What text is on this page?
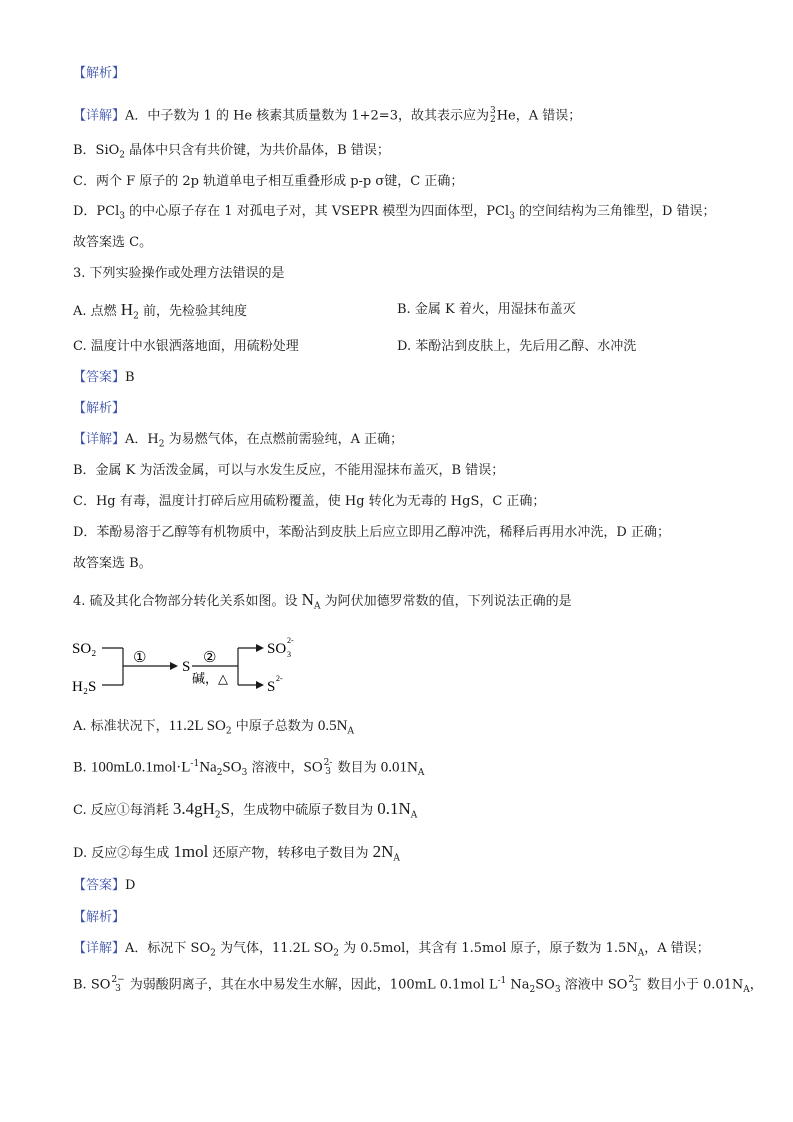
【解析】
【详解】A．中子数为 1 的 He 核素其质量数为 1+2=3，故其表示应为 3
2 He，A 错误；
B．SiO$_2$ 晶体中只含有共价键，为共价晶体，B 错误；
C．两个 F 原子的 2p 轨道单电子相互重叠形成 p-p σ键，C 正确；
D．PCl$_3$ 的中心原子存在 1 对孤电子对，其 VSEPR 模型为四面体型，PCl$_3$ 的空间结构为三角锥型，D 错误；
故答案选 C。
3. 下列实验操作或处理方法错误的是
A. 点燃 $H_2$ 前，先检验其纯度	B. 金属 K 着火，用湿抹布盖灭
C. 温度计中水银洒落地面，用硫粉处理	D. 苯酚沾到皮肤上，先后用乙醇、水冲洗
【答案】B
【解析】
【详解】A．$H_2$ 为易燃气体，在点燃前需验纯，A 正确；
B．金属 K 为活泼金属，可以与水发生反应，不能用湿抹布盖灭，B 错误；
C．Hg 有毒，温度计打碎后应用硫粉覆盖，使 Hg 转化为无毒的 HgS，C 正确；
D．苯酚易溶于乙醇等有机物质中，苯酚沾到皮肤上后应立即用乙醇冲洗，稀释后再用水冲洗，D 正确；
故答案选 B。
4. 硫及其化合物部分转化关系如图。设 $N_A$ 为阿伏加德罗常数的值，下列说法正确的是
SO₂
H₂S
①
S
②
碱，△
SO 3
2-
S
2-
A. 标准状况下，11.2L $SO_2$ 中原子总数为 $0.5N_A$
B. $100mL0.1mol\cdot L^{-1}Na_2SO_3$ 溶液中，SO 2-
3 数目为 $0.01N_A$
C. 反应①每消耗 $3.4gH_2S$，生成物中硫原子数目为 $0.1N_A$
D. 反应②每生成 1mol 还原产物，转移电子数目为 $2N_A$
【答案】D
【解析】
【详解】A．标况下 $SO_2$ 为气体，11.2L $SO_2$ 为 0.5mol，其含有 1.5mol 原子，原子数为 $1.5N_A$，A 错误；
B. SO 2−
3 为弱酸阴离子，其在水中易发生水解，因此，100mL 0.1mol $L^{-1}$ $Na_2SO_3$ 溶液中 SO 2−
3 数目小于 $0.01N_A$，
